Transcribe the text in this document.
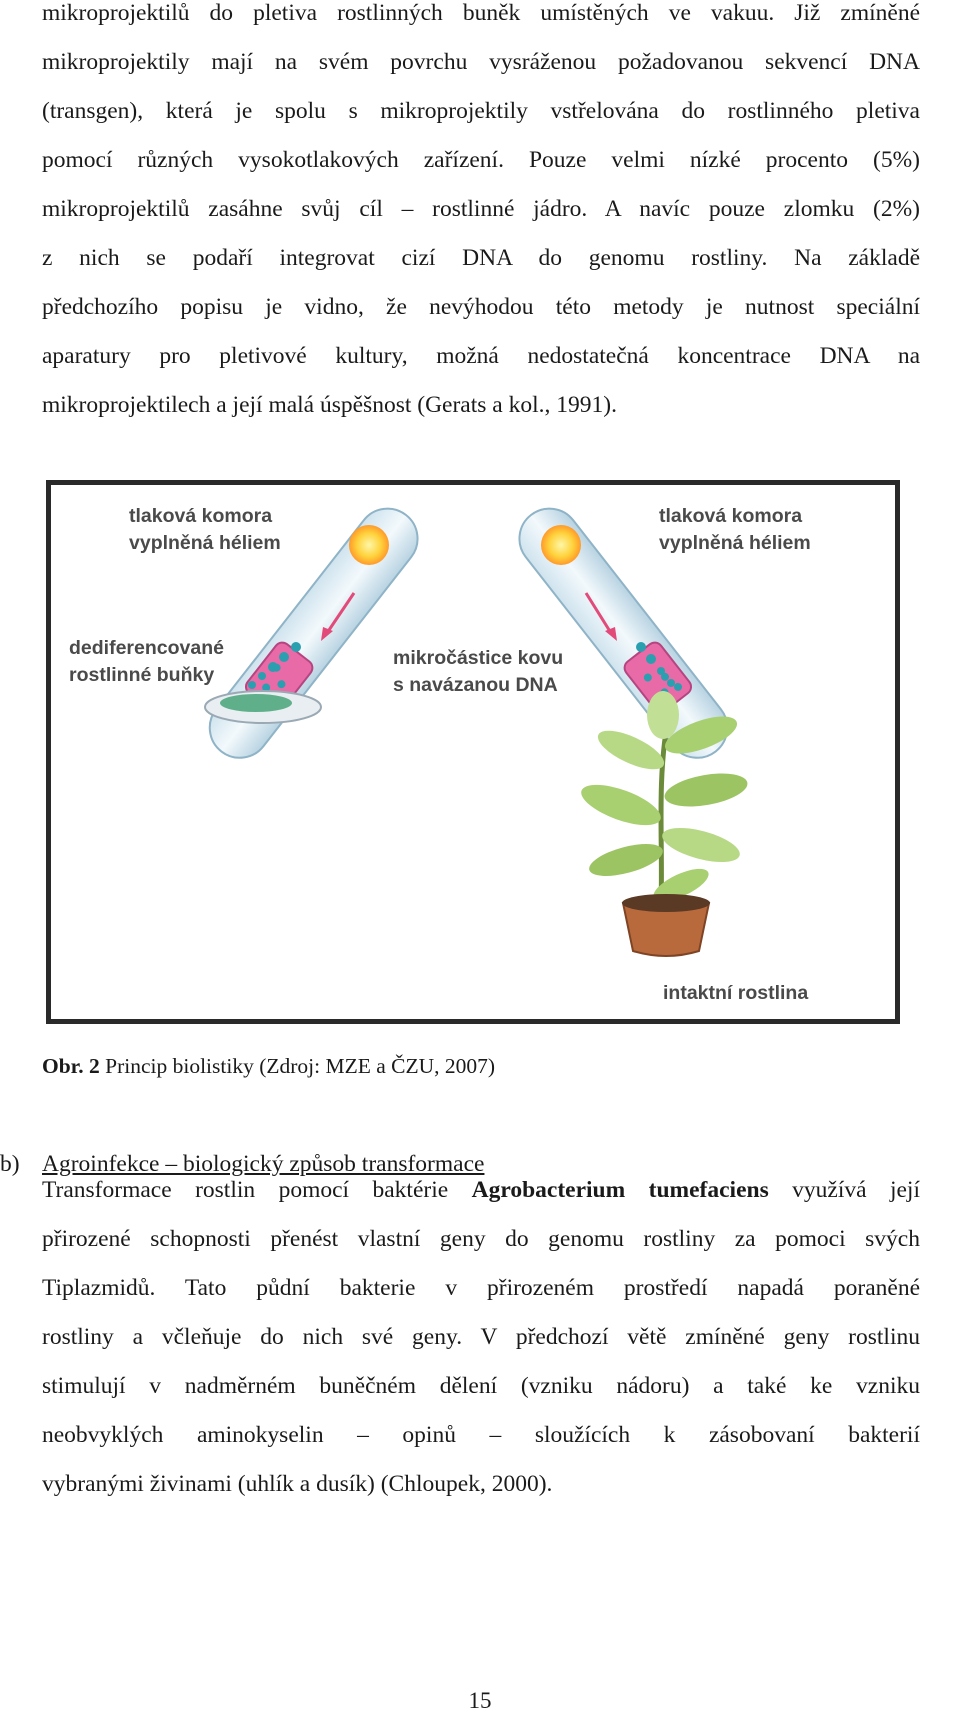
mikroprojektilů do pletiva rostlinných buněk umístěných ve vakuu. Již zmíněné
mikroprojektily mají na svém povrchu vysráženou požadovanou sekvencí DNA
(transgen), která je spolu s mikroprojektily vstřelována do rostlinného pletiva
pomocí různých vysokotlakových zařízení. Pouze velmi nízké procento (5%)
mikroprojektilů zasáhne svůj cíl – rostlinné jádro. A navíc pouze zlomku (2%)
z nich se podaří integrovat cizí DNA do genomu rostliny. Na základě
předchozího popisu je vidno, že nevýhodou této metody je nutnost speciální
aparatury pro pletivové kultury, možná nedostatečná koncentrace DNA na
mikroprojektilech a její malá úspěšnost (Gerats a kol., 1991).
tlaková komora
vyplněná héliem
tlaková komora
vyplněná héliem
dediferencované
rostlinné buňky
mikročástice kovu
s navázanou DNA
intaktní rostlina
Obr. 2 Princip biolistiky (Zdroj: MZE a ČZU, 2007)
b) Agroinfekce – biologický způsob transformace
Transformace rostlin pomocí baktérie Agrobacterium tumefaciens využívá její
přirozené schopnosti přenést vlastní geny do genomu rostliny za pomoci svých
Tiplazmidů. Tato půdní bakterie v přirozeném prostředí napadá poraněné
rostliny a včleňuje do nich své geny. V předchozí větě zmíněné geny rostlinu
stimulují v nadměrném buněčném dělení (vzniku nádoru) a také ke vzniku
neobvyklých aminokyselin – opinů – sloužících k zásobovaní bakterií
vybranými živinami (uhlík a dusík) (Chloupek, 2000).
15
